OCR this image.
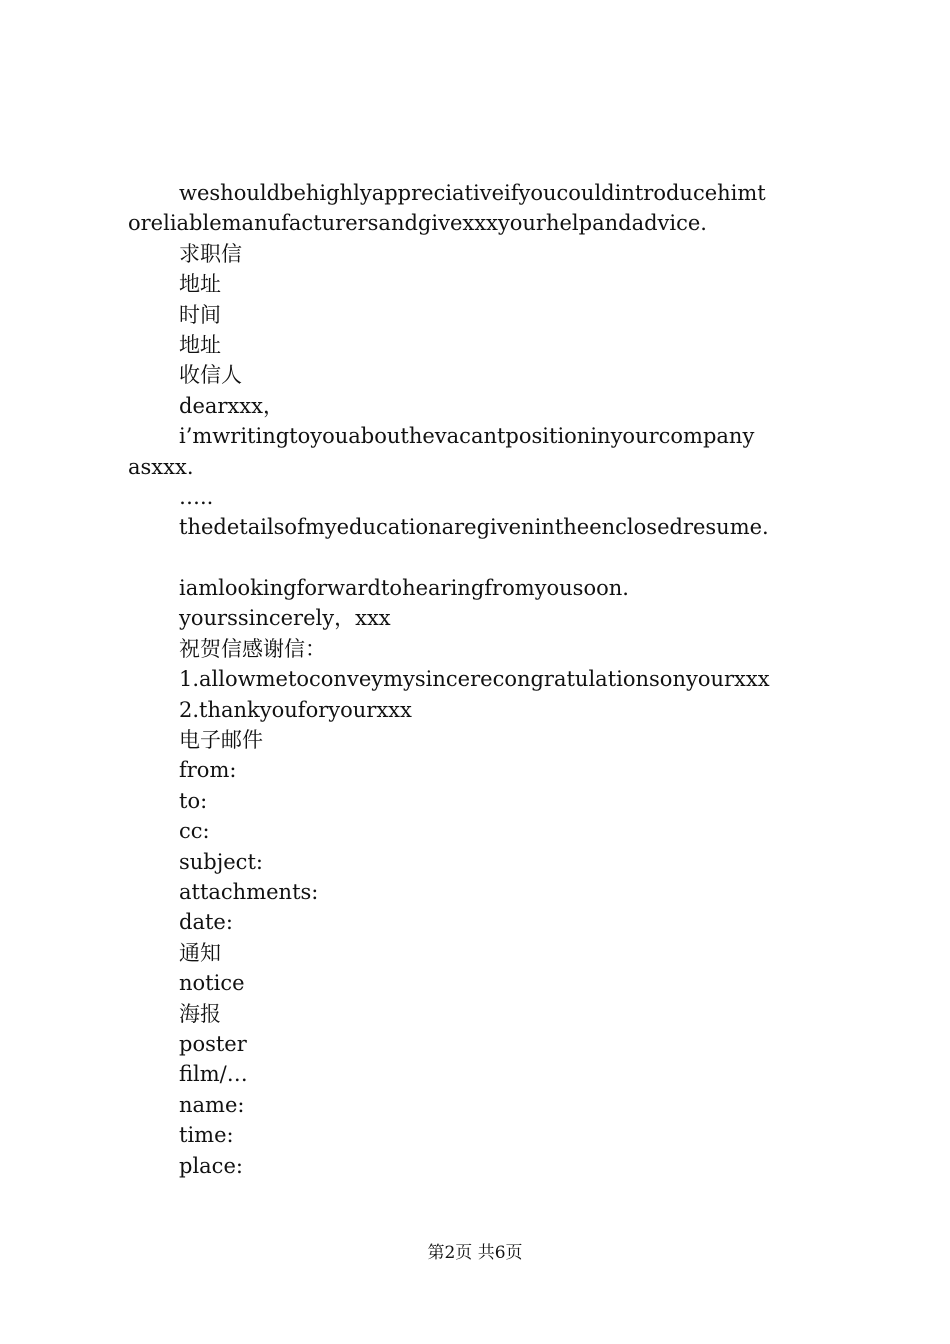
weshouldbehighlyappreciativeifyoucouldintroducehimt
oreliablemanufacturersandgivexxxyourhelpandadvice.
求职信
地址
时间
地址
收信人
dearxxx，
i’mwritingtoyouabouthevacantpositioninyourcompany
asxxx.
…..
thedetailsofmyeducationaregivenintheenclosedresume.
iamlookingforwardtohearingfromyousoon.
yourssincerely，xxx
祝贺信感谢信：
1.allowmetoconveymysincerecongratulationsonyourxxx
2.thankyouforyourxxx
电子邮件
from:
to:
cc:
subject:
attachments:
date:
通知
notice
海报
poster
film/…
name:
time:
place:
第2页 共6页
